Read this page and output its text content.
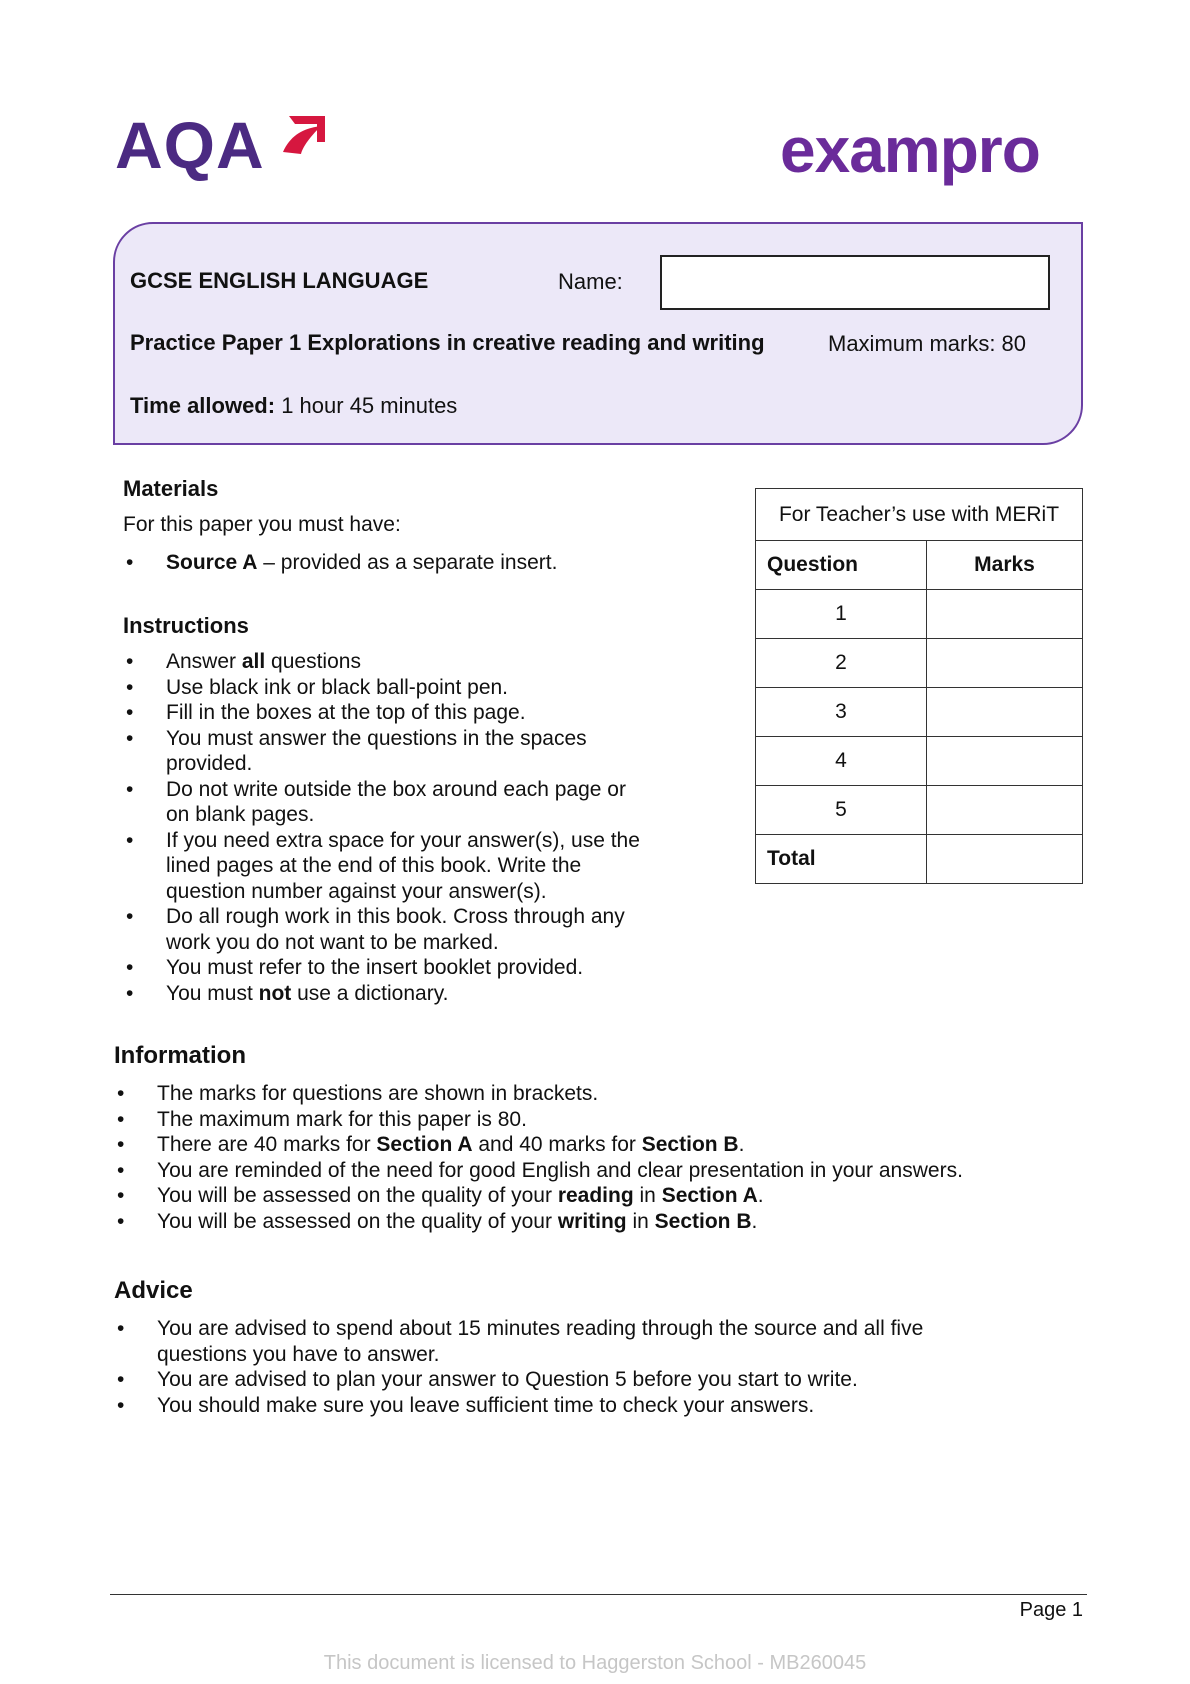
AQA	exampro
GCSE ENGLISH LANGUAGE	Name:
Practice Paper 1 Explorations in creative reading and writing	Maximum marks: 80
Time allowed: 1 hour 45 minutes
Materials
For this paper you must have:
• Source A – provided as a separate insert.
Instructions
• Answer all questions
• Use black ink or black ball-point pen.
• Fill in the boxes at the top of this page.
• You must answer the questions in the spaces
provided.
• Do not write outside the box around each page or
on blank pages.
• If you need extra space for your answer(s), use the
lined pages at the end of this book. Write the
question number against your answer(s).
• Do all rough work in this book. Cross through any
work you do not want to be marked.
• You must refer to the insert booklet provided.
• You must not use a dictionary.
For Teacher’s use with MERiT	
Question	Marks
1	
2	
3	
4	
5	
Total	
Information
• The marks for questions are shown in brackets.
• The maximum mark for this paper is 80.
• There are 40 marks for Section A and 40 marks for Section B.
• You are reminded of the need for good English and clear presentation in your answers.
• You will be assessed on the quality of your reading in Section A.
• You will be assessed on the quality of your writing in Section B.
Advice
• You are advised to spend about 15 minutes reading through the source and all five
questions you have to answer.
• You are advised to plan your answer to Question 5 before you start to write.
• You should make sure you leave sufficient time to check your answers.
Page 1
This document is licensed to Haggerston School - MB260045
